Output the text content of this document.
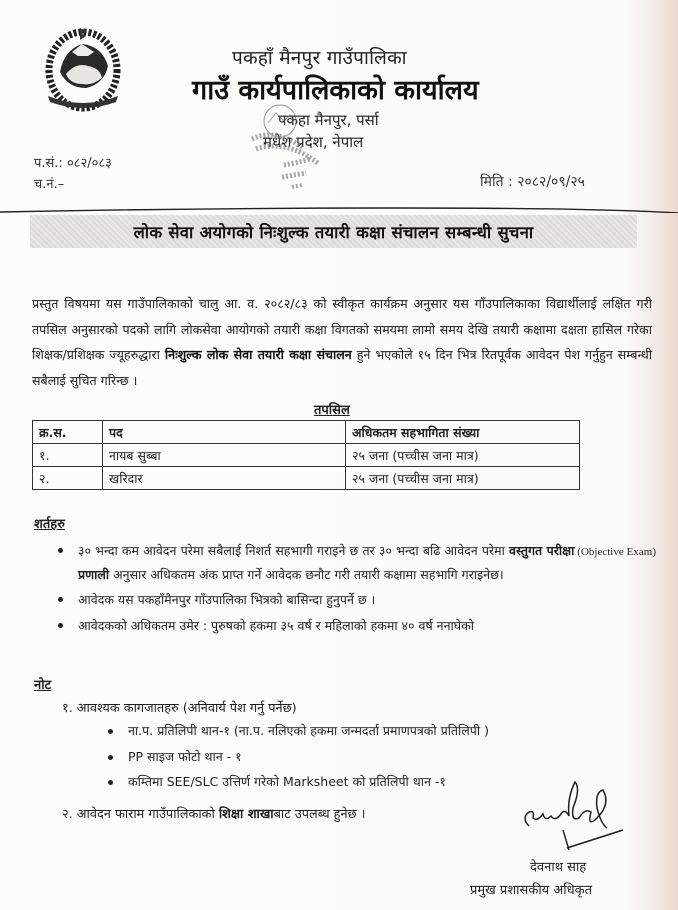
पकहाँ मैनपुर गाउँपालिका
गाउँ कार्यपालिकाको कार्यालय
पकहा मैनपुर, पर्सा
मधेश प्रदेश, नेपाल
प.सं.: ०८२/०८३
च.नं.–	मिति : २०८२/०९/२५
लोक सेवा अयोगको निःशुल्क तयारी कक्षा संचालन सम्बन्धी सुचना

प्रस्तुत विषयमा यस गाउँपालिकाको चालु आ. व. २०८२/८३ को स्वीकृत कार्यक्रम अनुसार यस गाँउपालिकाका विद्यार्थीलाई लक्षित गरी तपसिल अनुसारको पदको लागि लोकसेवा आयोगको तयारी कक्षा विगतको समयमा लामो समय देखि तयारी कक्षामा दक्षता हासिल गरेका शिक्षक/प्रशिक्षक ज्यूहरुद्धारा निःशुल्क लोक सेवा तयारी कक्षा संचालन हुने भएकोले १५ दिन भित्र रितपूर्वक आवेदन पेश गर्नुहुन सम्बन्धी सबैलाई सुचित गरिन्छ ।

तपसिल
क्र.स.	पद	अधिकतम सहभागिता संख्या
१.	नायब सुब्बा	२५ जना (पच्चीस जना मात्र)
२.	खरिदार	२५ जना (पच्चीस जना मात्र)
शर्तहरु
३० भन्दा कम आवेदन परेमा सबैलाई निशर्त सहभागी गराइने छ तर ३० भन्दा बढि आवेदन परेमा वस्तुगत परीक्षा (Objective Exam) प्रणाली अनुसार अधिकतम अंक प्राप्त गर्ने आवेदक छनौट गरी तयारी कक्षामा सहभागि गराइनेछ।
आवेदक यस पकहाँमैनपुर गाँउपालिका भित्रको बासिन्दा हुनुपर्ने छ ।
आवेदकको अधिकतम उमेर : पुरुषको हकमा ३५ वर्ष र महिलाको हकमा ४० वर्ष ननाघेको
नोट
१. आवश्यक कागजातहरु (अनिवार्य पेश गर्नु पर्नेछ)
ना.प. प्रतिलिपी थान-१ (ना.प. नलिएको हकमा जन्मदर्ता प्रमाणपत्रको प्रतिलिपी )
PP साइज फोटो थान - १
कम्तिमा SEE/SLC उत्तिर्ण गरेको Marksheet को प्रतिलिपी थान -१
२. आवेदन फाराम गाउँपालिकाको शिक्षा शाखाबाट उपलब्ध हुनेछ ।
देवनाथ साह
प्रमुख प्रशासकीय अधिकृत
